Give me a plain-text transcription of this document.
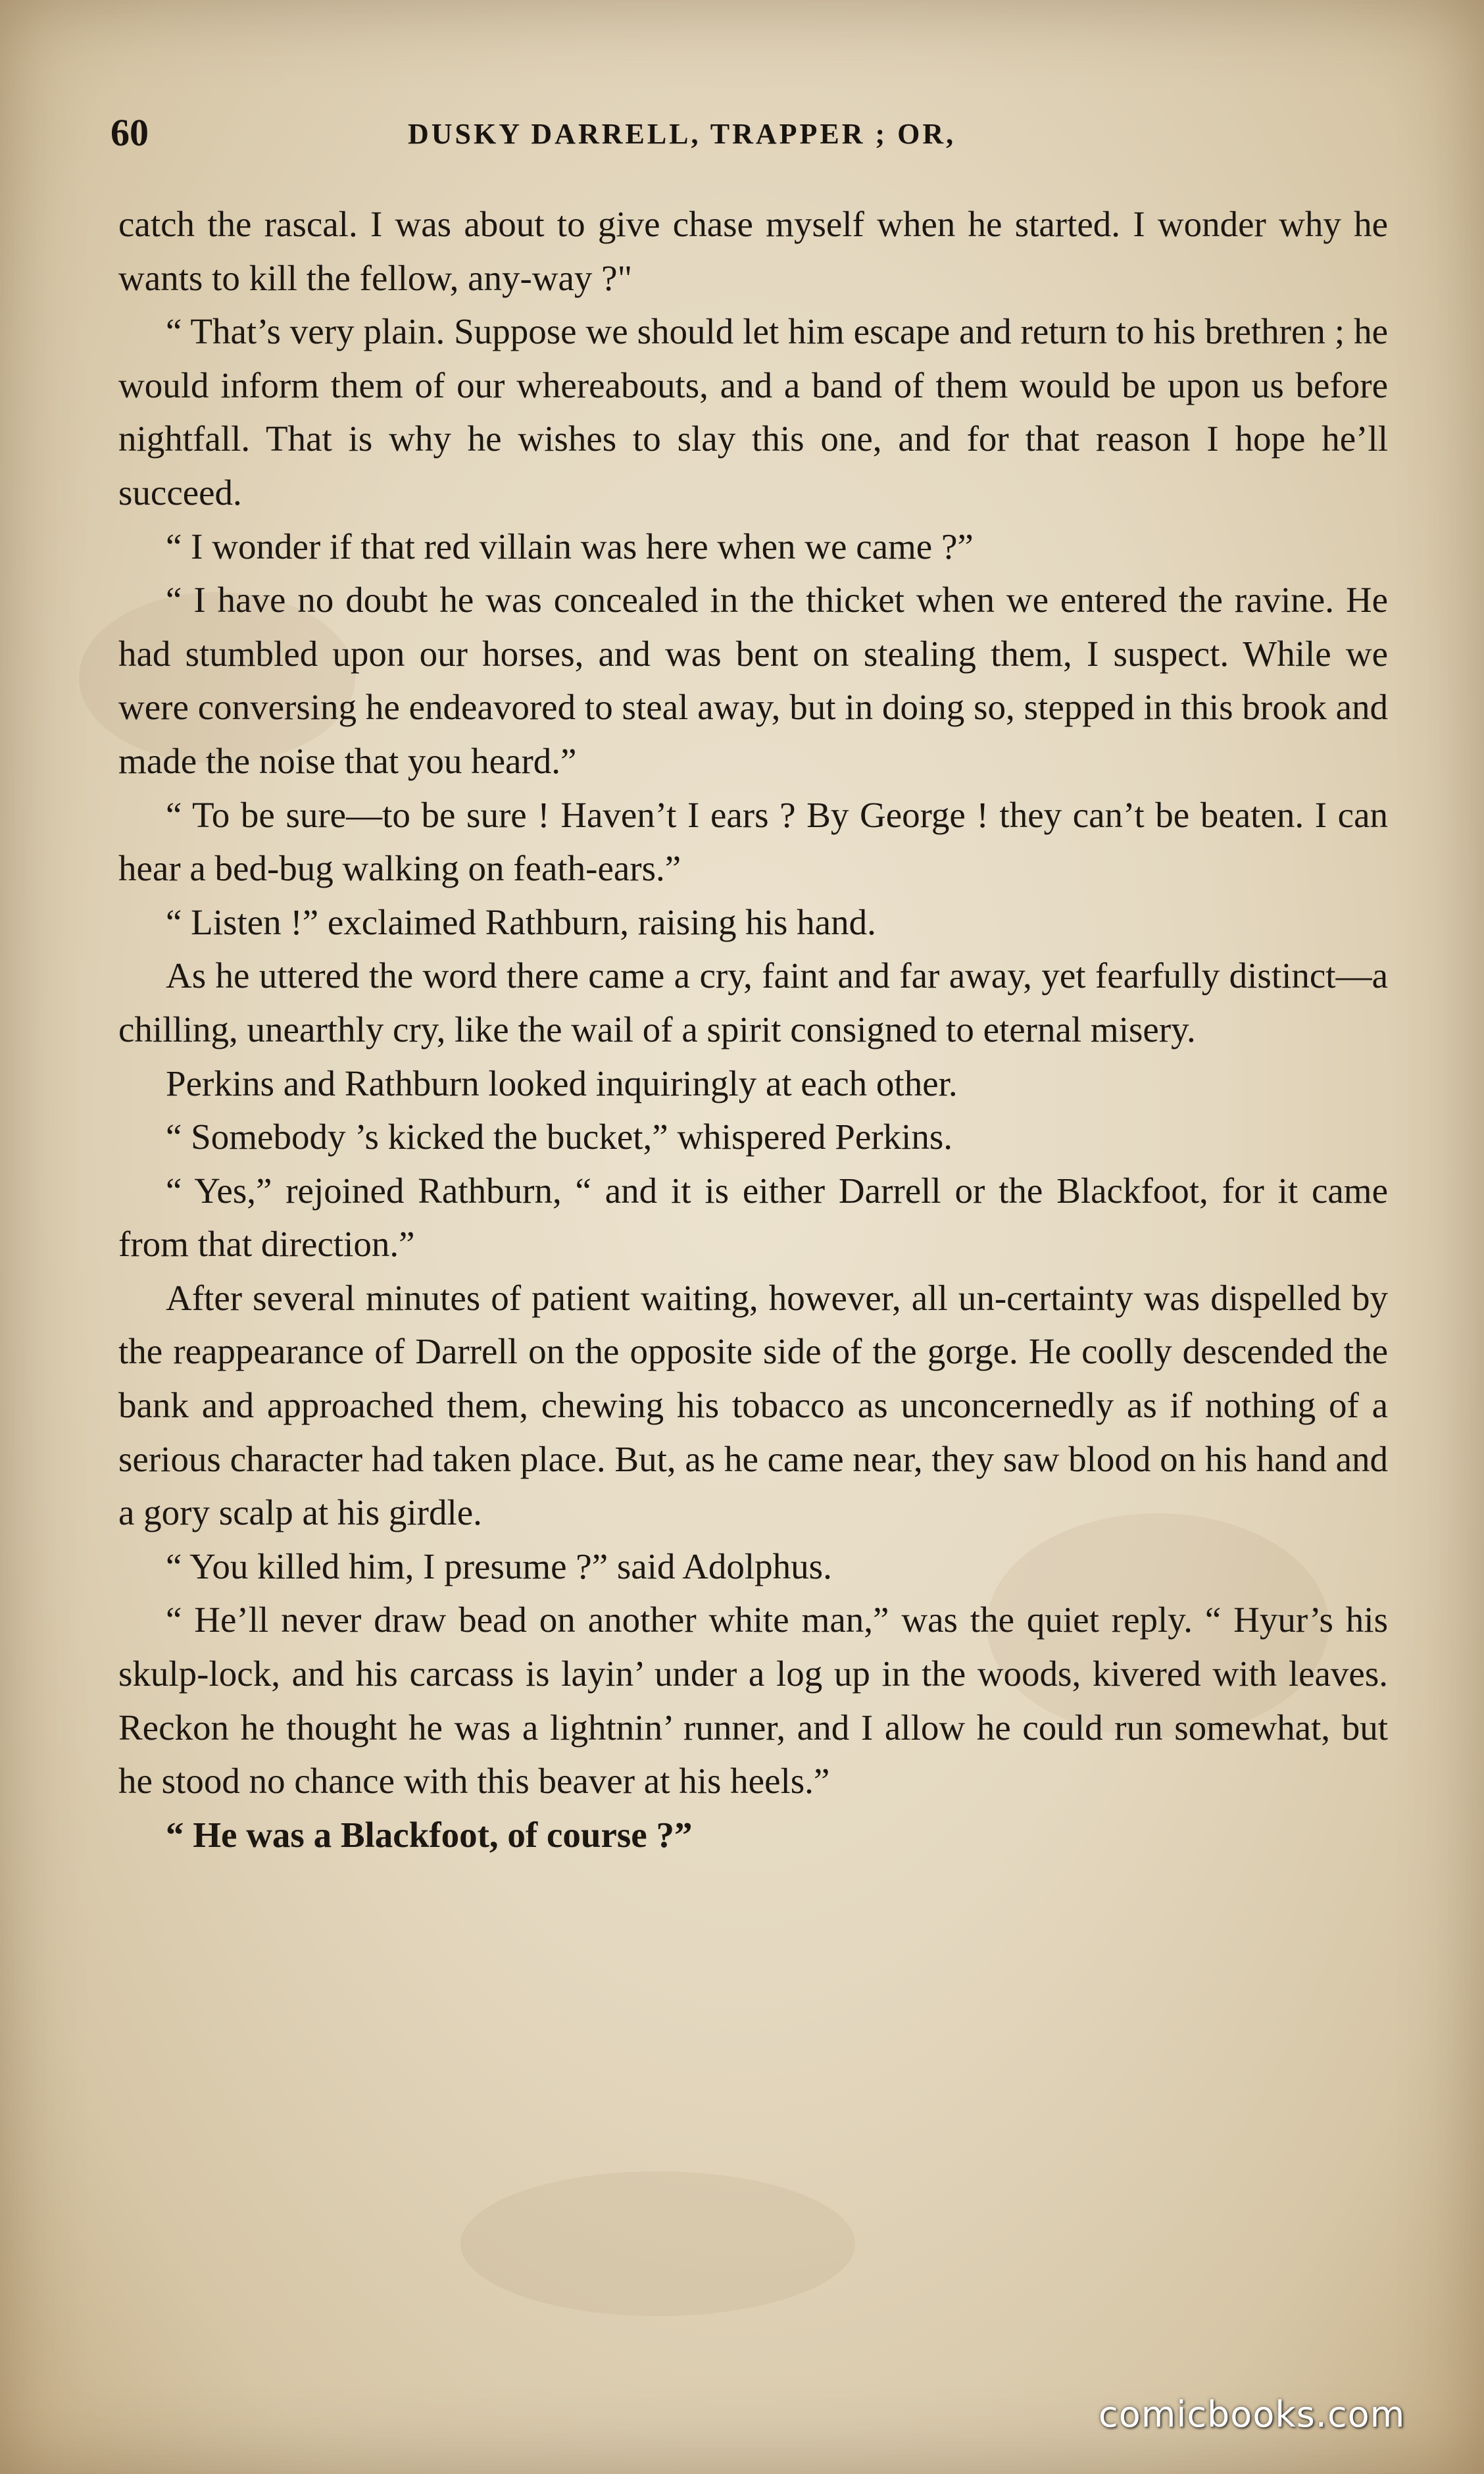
60	DUSKY DARRELL, TRAPPER ; OR,

catch the rascal. I was about to give chase myself when he started. I wonder why he wants to kill the fellow, any-way ?"

“ That’s very plain. Suppose we should let him escape and return to his brethren ; he would inform them of our whereabouts, and a band of them would be upon us before nightfall. That is why he wishes to slay this one, and for that reason I hope he’ll succeed.

“ I wonder if that red villain was here when we came ?”

“ I have no doubt he was concealed in the thicket when we entered the ravine. He had stumbled upon our horses, and was bent on stealing them, I suspect. While we were conversing he endeavored to steal away, but in doing so, stepped in this brook and made the noise that you heard.”

“ To be sure—to be sure ! Haven’t I ears ? By George ! they can’t be beaten. I can hear a bed-bug walking on feath-ears.”

“ Listen !” exclaimed Rathburn, raising his hand.

As he uttered the word there came a cry, faint and far away, yet fearfully distinct—a chilling, unearthly cry, like the wail of a spirit consigned to eternal misery.

Perkins and Rathburn looked inquiringly at each other.

“ Somebody ’s kicked the bucket,” whispered Perkins.

“ Yes,” rejoined Rathburn, “ and it is either Darrell or the Blackfoot, for it came from that direction.”

After several minutes of patient waiting, however, all un-certainty was dispelled by the reappearance of Darrell on the opposite side of the gorge. He coolly descended the bank and approached them, chewing his tobacco as unconcernedly as if nothing of a serious character had taken place. But, as he came near, they saw blood on his hand and a gory scalp at his girdle.

“ You killed him, I presume ?” said Adolphus.

“ He’ll never draw bead on another white man,” was the quiet reply. “ Hyur’s his skulp-lock, and his carcass is layin’ under a log up in the woods, kivered with leaves. Reckon he thought he was a lightnin’ runner, and I allow he could run somewhat, but he stood no chance with this beaver at his heels.”

“ He was a Blackfoot, of course ?”

comicbooks.com
